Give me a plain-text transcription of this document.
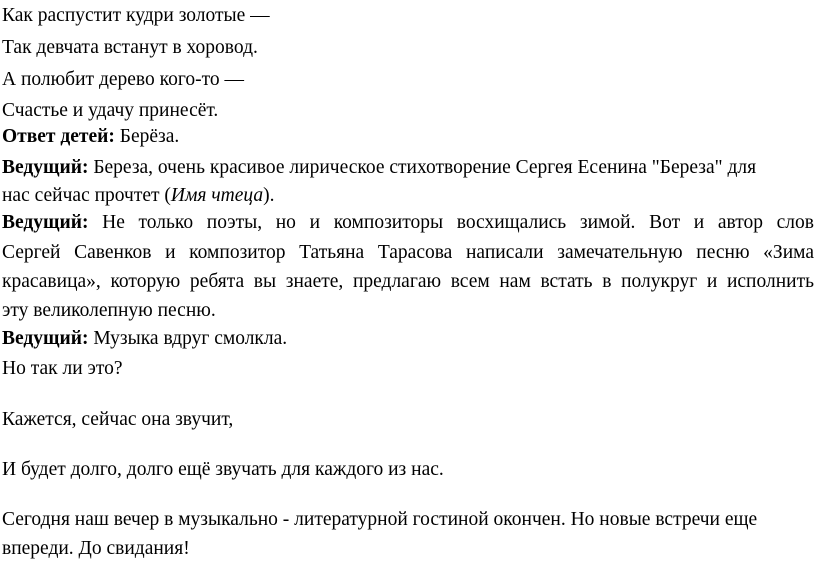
Как распустит кудри золотые —
Так девчата встанут в хоровод.
А полюбит дерево кого-то —
Счастье и удачу принесёт.
Ответ детей: Берёза.
Ведущий: Береза, очень красивое лирическое стихотворение Сергея Есенина "Береза" для
нас сейчас прочтет (Имя чтеца).
Ведущий: Не только поэты, но и композиторы восхищались зимой. Вот и автор слов
Сергей Савенков и композитор Татьяна Тарасова написали замечательную песню «Зима
красавица», которую ребята вы знаете, предлагаю всем нам встать в полукруг и исполнить
эту великолепную песню.
Ведущий: Музыка вдруг смолкла.
Но так ли это?
Кажется, сейчас она звучит,
И будет долго, долго ещё звучать для каждого из нас.
Сегодня наш вечер в музыкально - литературной гостиной окончен. Но новые встречи еще
впереди. До свидания!
